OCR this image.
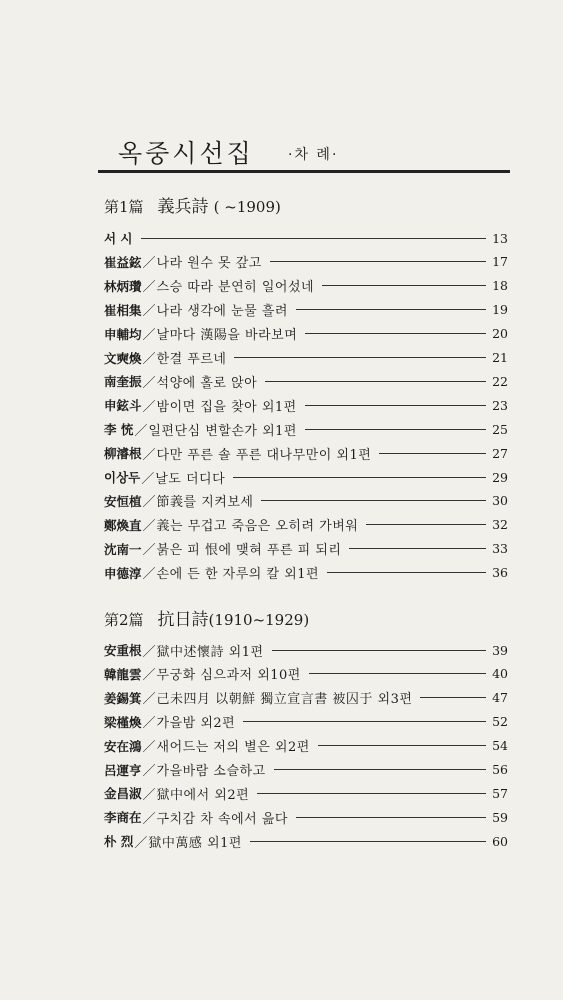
옥중시선집 ·차 례·
第1篇 義兵詩 ( ~1909)
서 시	13
崔益鉉 ／ 나라 원수 못 갚고	17
林炳瓚 ／ 스승 따라 분연히 일어섰네	18
崔相集 ／ 나라 생각에 눈물 흘려	19
申輔均 ／ 날마다 漢陽을 바라보며	20
文奭煥 ／ 한결 푸르네	21
南奎振 ／ 석양에 홀로 앉아	22
申鉉斗 ／ 밤이면 집을 찾아 외1편	23
李 㤝 ／ 일편단심 변할손가 외1편	25
柳濬根 ／ 다만 푸른 솔 푸른 대나무만이 외1편	27
이상두 ／ 날도 더디다	29
安恒植 ／ 節義를 지켜보세	30
鄭煥直 ／ 義는 무겁고 죽음은 오히려 가벼워	32
沈南一 ／ 붉은 피 恨에 맺혀 푸른 피 되리	33
申德淳 ／ 손에 든 한 자루의 칼 외1편	36
第2篇 抗日詩(1910~1929)
安重根 ／ 獄中述懷詩 외1편	39
韓龍雲 ／ 무궁화 심으과저 외10편	40
姜錫箕 ／ 己未四月 以朝鮮 獨立宣言書 被囚于 외3편	47
梁槿煥 ／ 가을밤 외2편	52
安在鴻 ／ 새어드는 저의 별은 외2편	54
呂運亨 ／ 가을바람 소슬하고	56
金昌淑 ／ 獄中에서 외2편	57
李商在 ／ 구치감 차 속에서 읊다	59
朴 烈 ／ 獄中萬感 외1편	60
